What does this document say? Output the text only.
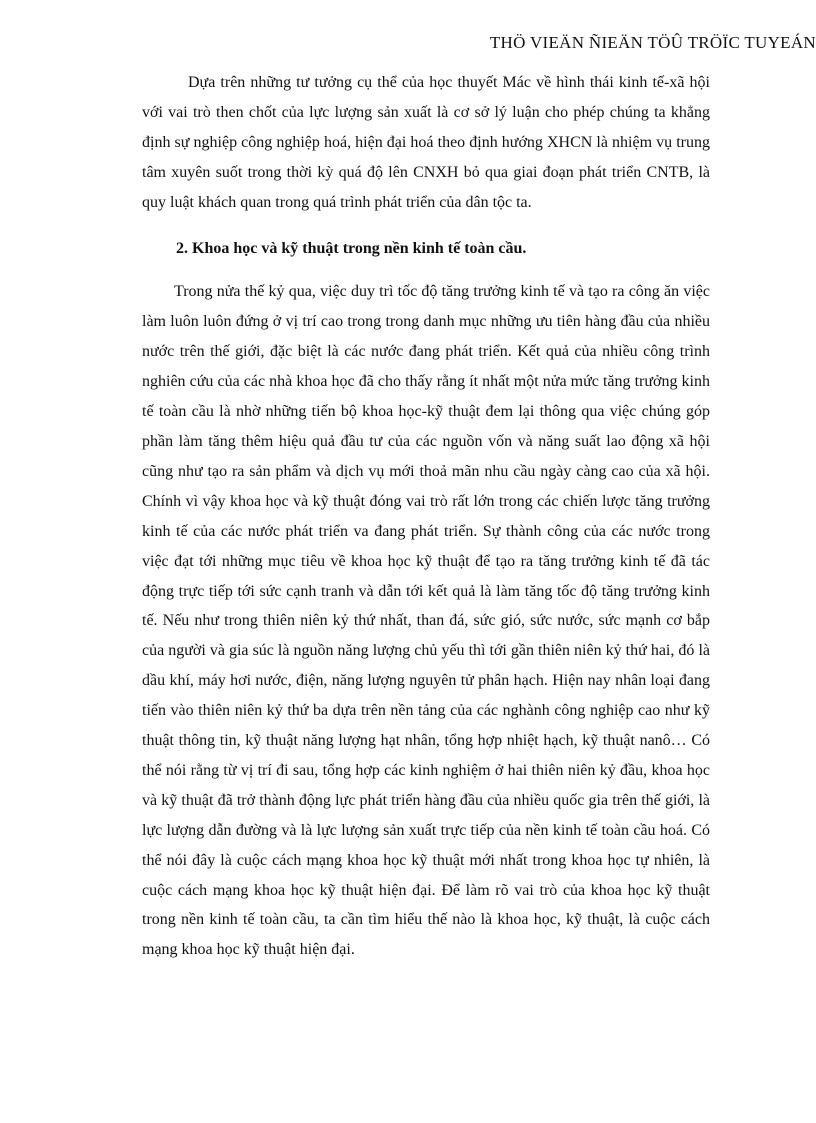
THÖ VIEÄN ÑIEÄN TÖÛ TRÖÏC TUYEÁN

Dựa trên những tư tưởng cụ thể của học thuyết Mác về hình thái kinh tế-xã hội với vai trò then chốt của lực lượng sản xuất là cơ sở lý luận cho phép chúng ta khẳng định sự nghiệp công nghiệp hoá, hiện đại hoá theo định hướng XHCN là nhiệm vụ trung tâm xuyên suốt trong thời kỳ quá độ lên CNXH bỏ qua giai đoạn phát triển CNTB, là quy luật khách quan trong quá trình phát triển của dân tộc ta.

2. Khoa học và kỹ thuật trong nền kinh tế toàn cầu.

Trong nửa thế kỷ qua, việc duy trì tốc độ tăng trưởng kinh tế và tạo ra công ăn việc làm luôn luôn đứng ở vị trí cao trong trong danh mục những ưu tiên hàng đầu của nhiều nước trên thế giới, đặc biệt là các nước đang phát triển. Kết quả của nhiều công trình nghiên cứu của các nhà khoa học đã cho thấy rằng ít nhất một nửa mức tăng trưởng kinh tế toàn cầu là nhờ những tiến bộ khoa học-kỹ thuật đem lại thông qua việc chúng góp phần làm tăng thêm hiệu quả đầu tư của các nguồn vốn và năng suất lao động xã hội cũng như tạo ra sản phẩm và dịch vụ mới thoả mãn nhu cầu ngày càng cao của xã hội. Chính vì vậy khoa học và kỹ thuật đóng vai trò rất lớn trong các chiến lược tăng trưởng kinh tế của các nước phát triển va đang phát triển. Sự thành công của các nước trong việc đạt tới những mục tiêu về khoa học kỹ thuật để tạo ra tăng trưởng kinh tế đã tác động trực tiếp tới sức cạnh tranh và dẫn tới kết quả là làm tăng tốc độ tăng trưởng kinh tế. Nếu như trong thiên niên kỷ thứ nhất, than đá, sức gió, sức nước, sức mạnh cơ bắp của người và gia súc là nguồn năng lượng chủ yếu thì tới gần thiên niên kỷ thứ hai, đó là dầu khí, máy hơi nước, điện, năng lượng nguyên tử phân hạch. Hiện nay nhân loại đang tiến vào thiên niên kỷ thứ ba dựa trên nền tảng của các nghành công nghiệp cao như kỹ thuật thông tin, kỹ thuật năng lượng hạt nhân, tổng hợp nhiệt hạch, kỹ thuật nanô… Có thể nói rằng từ vị trí đi sau, tổng hợp các kinh nghiệm ở hai thiên niên kỷ đầu, khoa học và kỹ thuật đã trở thành động lực phát triển hàng đầu của nhiều quốc gia trên thế giới, là lực lượng dẫn đường và là lực lượng sản xuất trực tiếp của nền kinh tế toàn cầu hoá. Có thể nói đây là cuộc cách mạng khoa học kỹ thuật mới nhất trong khoa học tự nhiên, là cuộc cách mạng khoa học kỹ thuật hiện đại. Để làm rõ vai trò của khoa học kỹ thuật trong nền kinh tế toàn cầu, ta cần tìm hiểu thế nào là khoa học, kỹ thuật, là cuộc cách mạng khoa học kỹ thuật hiện đại.
